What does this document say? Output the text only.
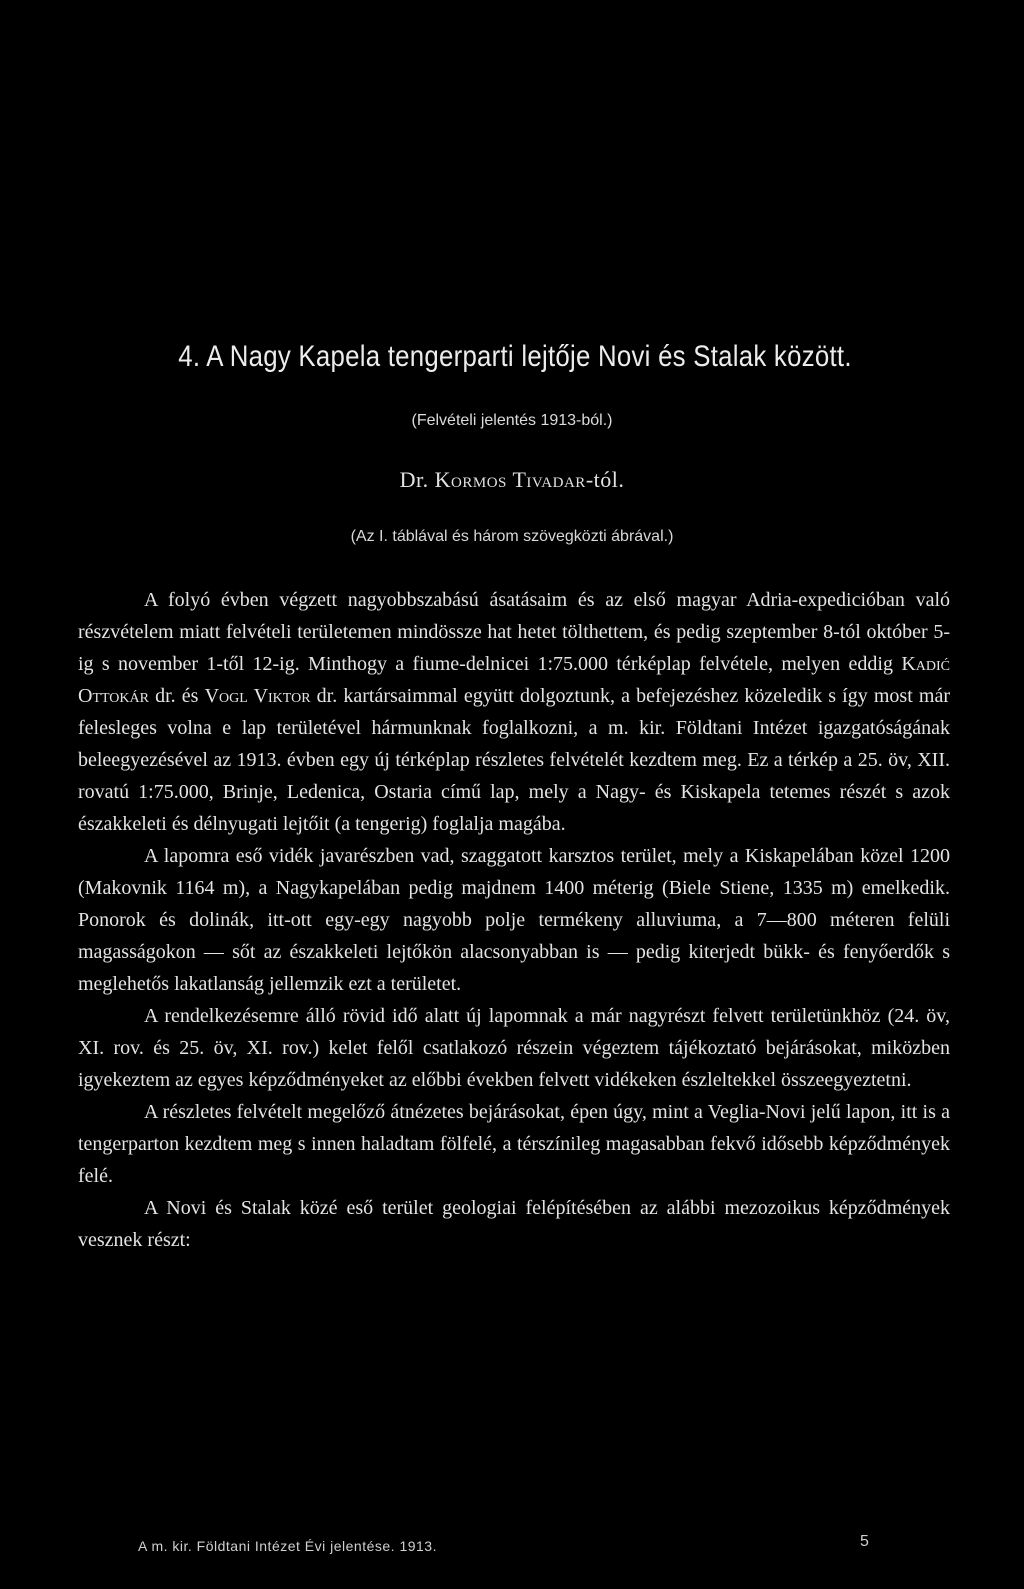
4. A Nagy Kapela tengerparti lejtője Novi és Stalak között.
(Felvételi jelentés 1913-ból.)
Dr. Kormos Tivadar-tól.
(Az I. táblával és három szövegközti ábrával.)

A folyó évben végzett nagyobbszabású ásatásaim és az első magyar Adria-expedicióban való részvételem miatt felvételi területemen mindössze hat hetet tölthettem, és pedig szeptember 8-tól október 5-ig s november 1-től 12-ig. Minthogy a fiume-delnicei 1:75.000 térképlap felvétele, melyen eddig Kadić Ottokár dr. és Vogl Viktor dr. kartársaimmal együtt dolgoztunk, a befejezéshez közeledik s így most már felesleges volna e lap területével hármunknak foglalkozni, a m. kir. Földtani Intézet igazgatóságának beleegyezésével az 1913. évben egy új térképlap részletes felvételét kezdtem meg. Ez a térkép a 25. öv, XII. rovatú 1:75.000, Brinje, Ledenica, Ostaria című lap, mely a Nagy- és Kiskapela tetemes részét s azok északkeleti és délnyugati lejtőit (a tengerig) foglalja magába.

A lapomra eső vidék javarészben vad, szaggatott karsztos terület, mely a Kiskapelában közel 1200 (Makovnik 1164 m), a Nagykapelában pedig majdnem 1400 méterig (Biele Stiene, 1335 m) emelkedik. Ponorok és dolinák, itt-ott egy-egy nagyobb polje termékeny alluviuma, a 7—800 méteren felüli magasságokon — sőt az északkeleti lejtőkön alacsonyabban is — pedig kiterjedt bükk- és fenyőerdők s meglehetős lakatlanság jellemzik ezt a területet.

A rendelkezésemre álló rövid idő alatt új lapomnak a már nagyrészt felvett területünkhöz (24. öv, XI. rov. és 25. öv, XI. rov.) kelet felől csatlakozó részein végeztem tájékoztató bejárásokat, miközben igyekeztem az egyes képződményeket az előbbi években felvett vidékeken észleltekkel összeegyeztetni.

A részletes felvételt megelőző átnézetes bejárásokat, épen úgy, mint a Veglia-Novi jelű lapon, itt is a tengerparton kezdtem meg s innen haladtam fölfelé, a térszínileg magasabban fekvő idősebb képződmények felé.

A Novi és Stalak közé eső terület geologiai felépítésében az alábbi mezozoikus képződmények vesznek részt:

A m. kir. Földtani Intézet Évi jelentése. 1913.	5
